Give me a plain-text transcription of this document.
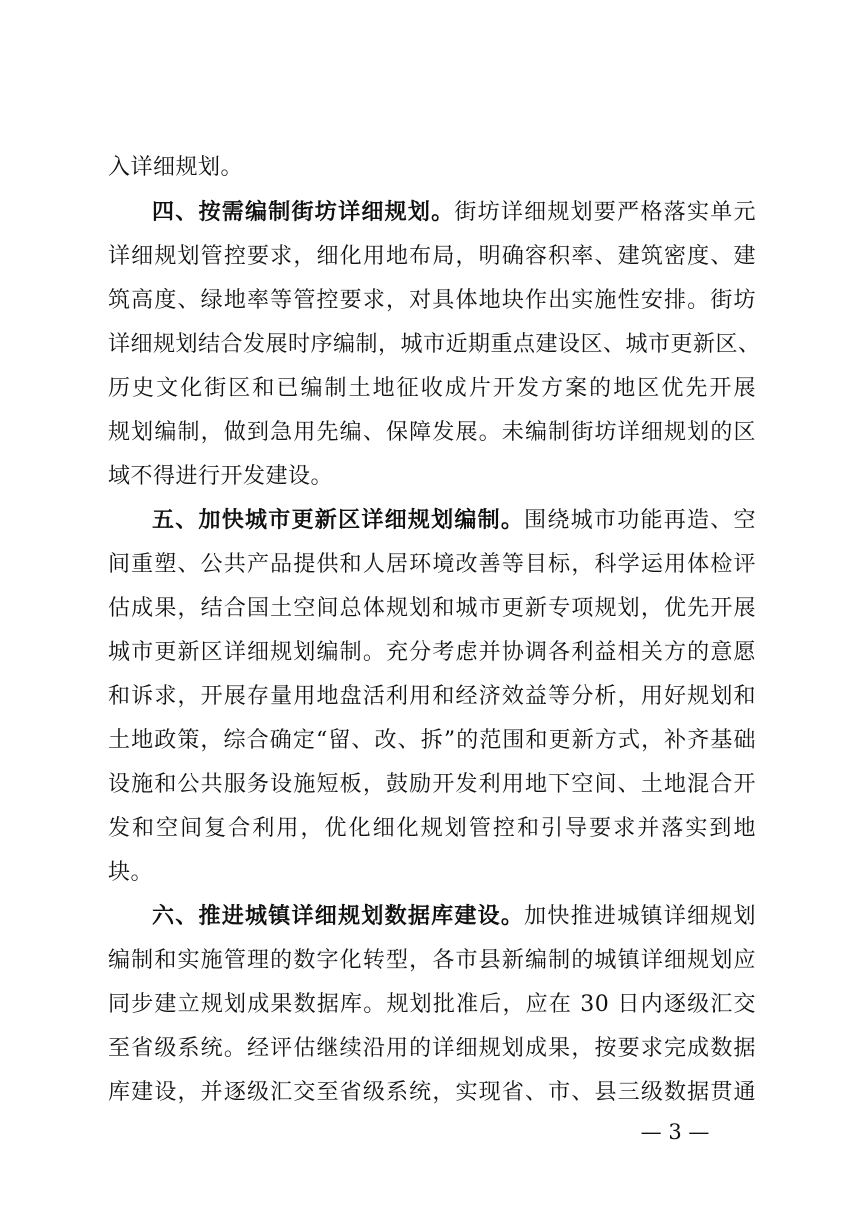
入详细规划。
四、按需编制街坊详细规划。街坊详细规划要严格落实单元
详细规划管控要求，细化用地布局，明确容积率、建筑密度、建
筑高度、绿地率等管控要求，对具体地块作出实施性安排。街坊
详细规划结合发展时序编制，城市近期重点建设区、城市更新区、
历史文化街区和已编制土地征收成片开发方案的地区优先开展
规划编制，做到急用先编、保障发展。未编制街坊详细规划的区
域不得进行开发建设。
五、加快城市更新区详细规划编制。围绕城市功能再造、空
间重塑、公共产品提供和人居环境改善等目标，科学运用体检评
估成果，结合国土空间总体规划和城市更新专项规划，优先开展
城市更新区详细规划编制。充分考虑并协调各利益相关方的意愿
和诉求，开展存量用地盘活利用和经济效益等分析，用好规划和
土地政策，综合确定“留、改、拆”的范围和更新方式，补齐基础
设施和公共服务设施短板，鼓励开发利用地下空间、土地混合开
发和空间复合利用，优化细化规划管控和引导要求并落实到地
块。
六、推进城镇详细规划数据库建设。加快推进城镇详细规划
编制和实施管理的数字化转型，各市县新编制的城镇详细规划应
同步建立规划成果数据库。规划批准后，应在 30 日内逐级汇交
至省级系统。经评估继续沿用的详细规划成果，按要求完成数据
库建设，并逐级汇交至省级系统，实现省、市、县三级数据贯通
— 3 —
